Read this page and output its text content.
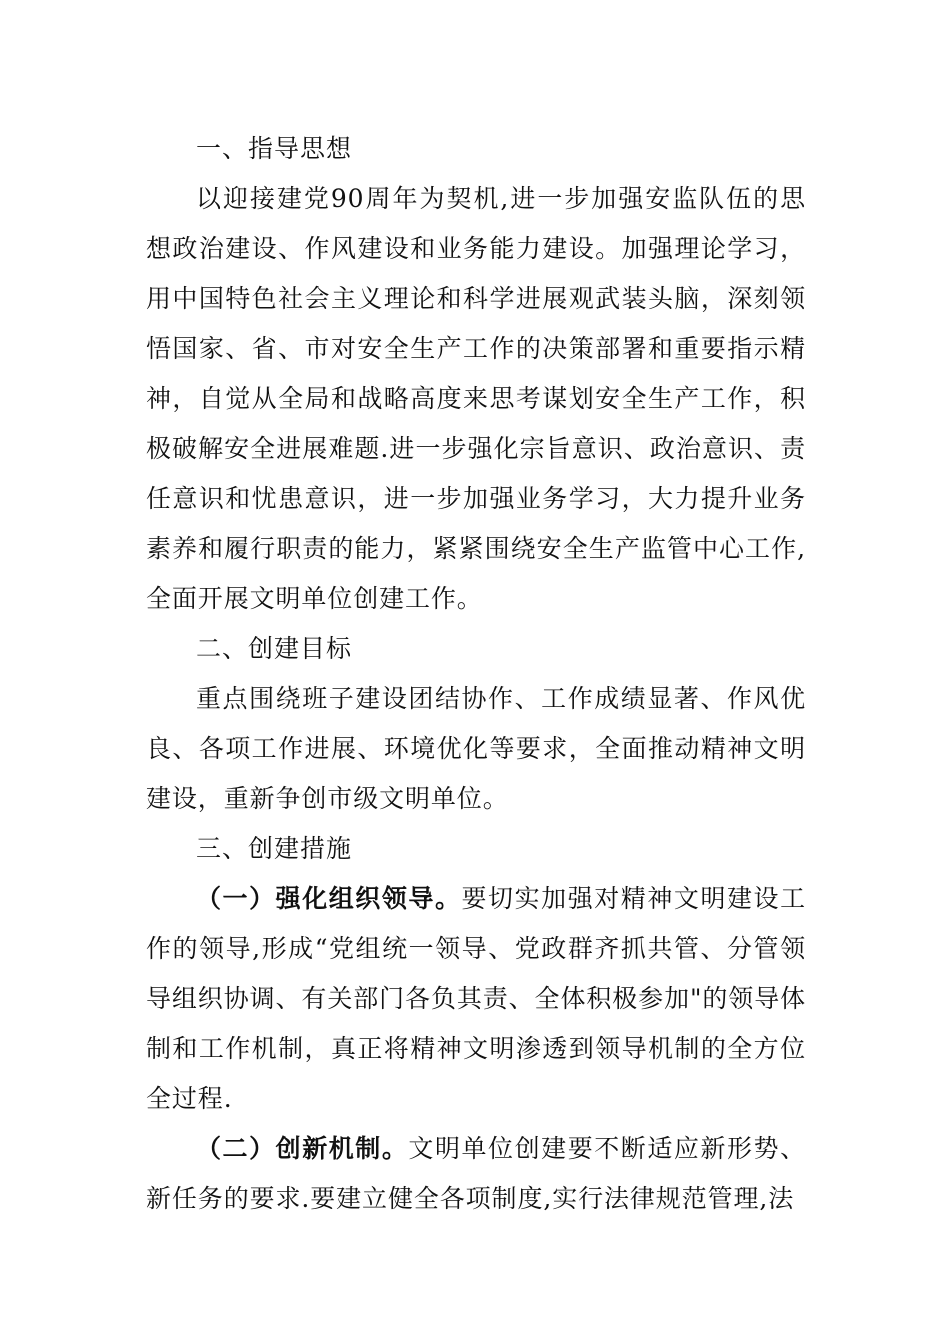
一、指导思想

以迎接建党90周年为契机,进一步加强安监队伍的思想政治建设、作风建设和业务能力建设。加强理论学习，用中国特色社会主义理论和科学进展观武装头脑，深刻领悟国家、省、市对安全生产工作的决策部署和重要指示精神，自觉从全局和战略高度来思考谋划安全生产工作，积极破解安全进展难题.进一步强化宗旨意识、政治意识、责任意识和忧患意识，进一步加强业务学习，大力提升业务素养和履行职责的能力，紧紧围绕安全生产监管中心工作,全面开展文明单位创建工作。

二、创建目标

重点围绕班子建设团结协作、工作成绩显著、作风优良、各项工作进展、环境优化等要求，全面推动精神文明建设，重新争创市级文明单位。

三、创建措施

（一）强化组织领导。要切实加强对精神文明建设工作的领导,形成“党组统一领导、党政群齐抓共管、分管领导组织协调、有关部门各负其责、全体积极参加"的领导体制和工作机制，真正将精神文明渗透到领导机制的全方位全过程.

（二）创新机制。文明单位创建要不断适应新形势、新任务的要求.要建立健全各项制度,实行法律规范管理,法
